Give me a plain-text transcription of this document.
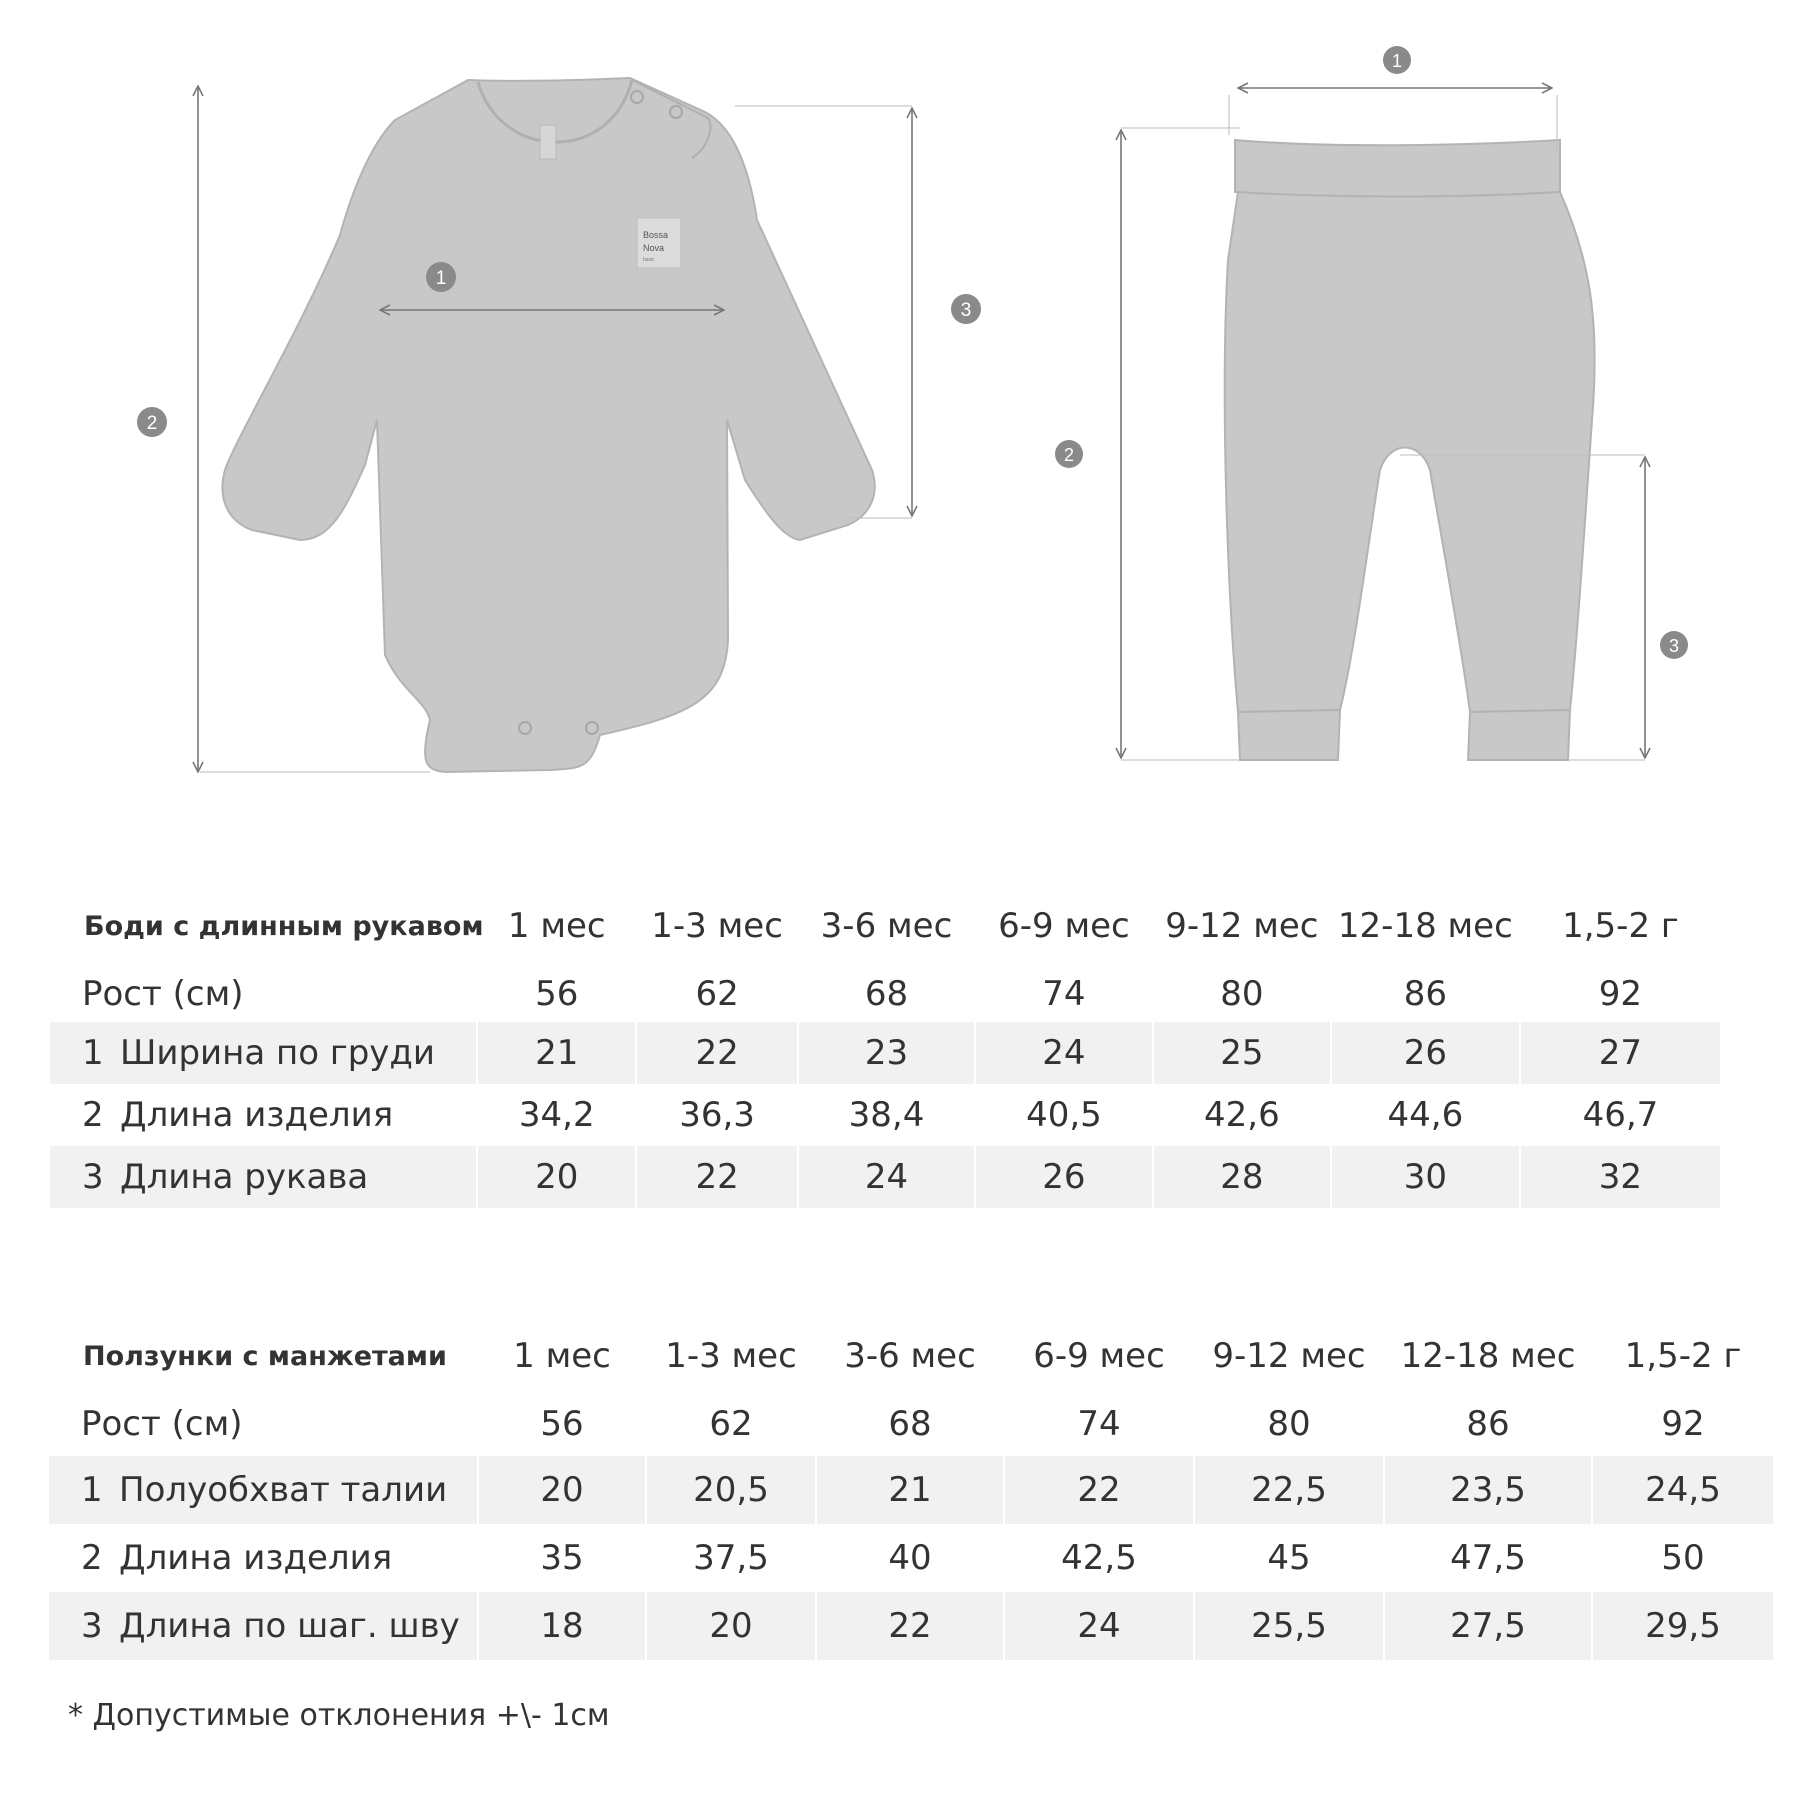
Bossa
Nova
basic
1
2
3
1
2
3
Боди с длинным рукавом	1 мес	1-3 мес	3-6 мес	6-9 мес	9-12 мес	12-18 мес	1,5-2 г
Рост (см)	56	62	68	74	80	86	92
1 Ширина по груди	21	22	23	24	25	26	27
2 Длина изделия	34,2	36,3	38,4	40,5	42,6	44,6	46,7
3 Длина рукава	20	22	24	26	28	30	32
Ползунки с манжетами	1 мес	1-3 мес	3-6 мес	6-9 мес	9-12 мес	12-18 мес	1,5-2 г
Рост (см)	56	62	68	74	80	86	92
1 Полуобхват талии	20	20,5	21	22	22,5	23,5	24,5
2 Длина изделия	35	37,5	40	42,5	45	47,5	50
3 Длина по шаг. шву	18	20	22	24	25,5	27,5	29,5
* Допустимые отклонения +\- 1см
